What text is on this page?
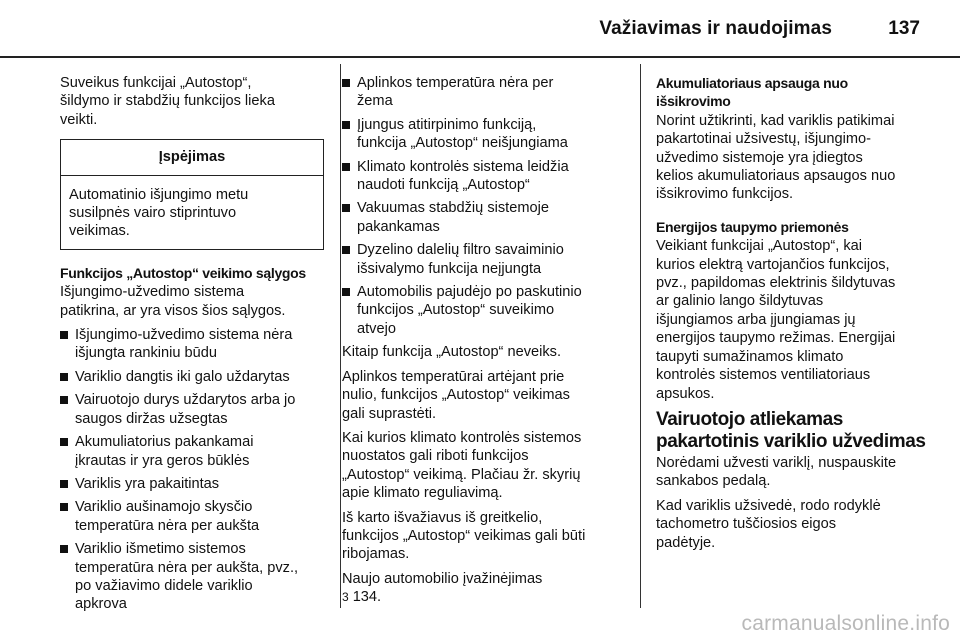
Važiavimas ir naudojimas	137

Suveikus funkcijai „Autostop“,
šildymo ir stabdžių funkcijos lieka
veikti.

Įspėjimas
Automatinio išjungimo metu
susilpnės vairo stiprintuvo
veikimas.
Funkcijos „Autostop“ veikimo sąlygos

Išjungimo-užvedimo sistema
patikrina, ar yra visos šios sąlygos.

Išjungimo-užvedimo sistema nėra
išjungta rankiniu būdu
Variklio dangtis iki galo uždarytas
Vairuotojo durys uždarytos arba jo
saugos diržas užsegtas
Akumuliatorius pakankamai
įkrautas ir yra geros būklės
Variklis yra pakaitintas
Variklio aušinamojo skysčio
temperatūra nėra per aukšta
Variklio išmetimo sistemos
temperatūra nėra per aukšta, pvz.,
po važiavimo didele variklio
apkrova
Aplinkos temperatūra nėra per
žema
Įjungus atitirpinimo funkciją,
funkcija „Autostop“ neišjungiama
Klimato kontrolės sistema leidžia
naudoti funkciją „Autostop“
Vakuumas stabdžių sistemoje
pakankamas
Dyzelino dalelių filtro savaiminio
išsivalymo funkcija neįjungta
Automobilis pajudėjo po paskutinio
funkcijos „Autostop“ suveikimo
atvejo

Kitaip funkcija „Autostop“ neveiks.

Aplinkos temperatūrai artėjant prie
nulio, funkcijos „Autostop“ veikimas
gali suprastėti.

Kai kurios klimato kontrolės sistemos
nuostatos gali riboti funkcijos
„Autostop“ veikimą. Plačiau žr. skyrių
apie klimato reguliavimą.

Iš karto išvažiavus iš greitkelio,
funkcijos „Autostop“ veikimas gali būti
ribojamas.

Naujo automobilio įvažinėjimas

3 134.

Akumuliatoriaus apsauga nuo
išsikrovimo

Norint užtikrinti, kad variklis patikimai
pakartotinai užsivestų, išjungimo-
užvedimo sistemoje yra įdiegtos
kelios akumuliatoriaus apsaugos nuo
išsikrovimo funkcijos.

Energijos taupymo priemonės

Veikiant funkcijai „Autostop“, kai
kurios elektrą vartojančios funkcijos,
pvz., papildomas elektrinis šildytuvas
ar galinio lango šildytuvas
išjungiamos arba įjungiamas jų
energijos taupymo režimas. Energijai
taupyti sumažinamos klimato
kontrolės sistemos ventiliatoriaus
apsukos.

Vairuotojo atliekamas
pakartotinis variklio užvedimas

Norėdami užvesti variklį, nuspauskite
sankabos pedalą.

Kad variklis užsivedė, rodo rodyklė
tachometro tuščiosios eigos
padėtyje.

carmanualsonline.info
